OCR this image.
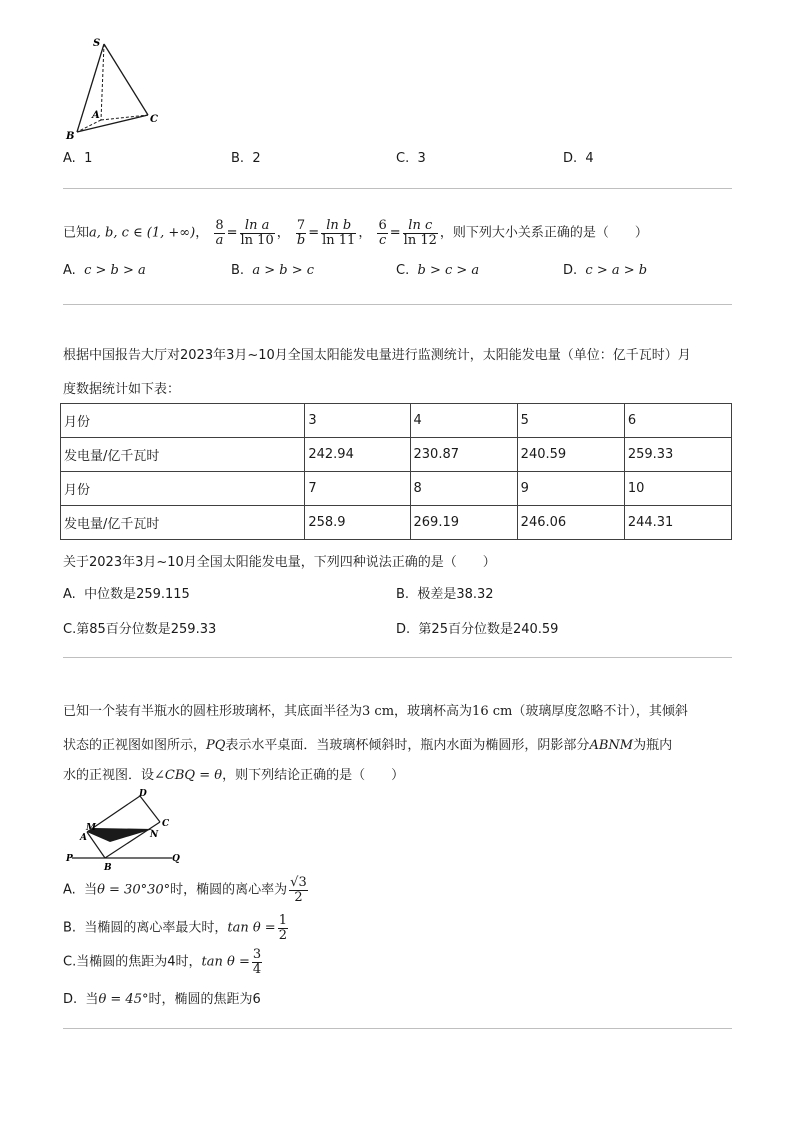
S
A
B
C
A. 1	B. 2	C. 3	D. 4
已知a, b, c ∈ (1, +∞)， $\frac{8}{a} = \frac{\text{ln a}}{\ln 10}$ ， $\frac{7}{b} = \frac{\text{ln b}}{\ln 11}$ ， $\frac{6}{c} = \frac{\text{ln c}}{\ln 12}$ ，则下列大小关系正确的是（　　）
A. c > b > a	B. a > b > c	C. b > c > a	D. c > a > b
根据中国报告大厅对2023年3月~10月全国太阳能发电量进行监测统计，太阳能发电量（单位：亿千瓦时）月
度数据统计如下表：
月份	3	4	5	6
发电量/亿千瓦时	242.94	230.87	240.59	259.33
月份	7	8	9	10
发电量/亿千瓦时	258.9	269.19	246.06	244.31
关于2023年3月~10月全国太阳能发电量，下列四种说法正确的是（　　）
A. 中位数是259.115	B. 极差是38.32
C.第85百分位数是259.33	D. 第25百分位数是240.59
已知一个装有半瓶水的圆柱形玻璃杯，其底面半径为3 cm，玻璃杯高为16 cm（玻璃厚度忽略不计），其倾斜
状态的正视图如图所示，PQ表示水平桌面．当玻璃杯倾斜时，瓶内水面为椭圆形，阴影部分ABNM为瓶内
水的正视图．设∠CBQ = θ，则下列结论正确的是（　　）
D
M	C
A	N
P
B
Q
A. 当θ = 30°30°时，椭圆的离心率为 $\frac{√3}{2}$
B. 当椭圆的离心率最大时，$\tan \theta = \frac{1}{2}$
C.当椭圆的焦距为4时，$\tan \theta = \frac{3}{4}$
D. 当θ = 45°时，椭圆的焦距为6
